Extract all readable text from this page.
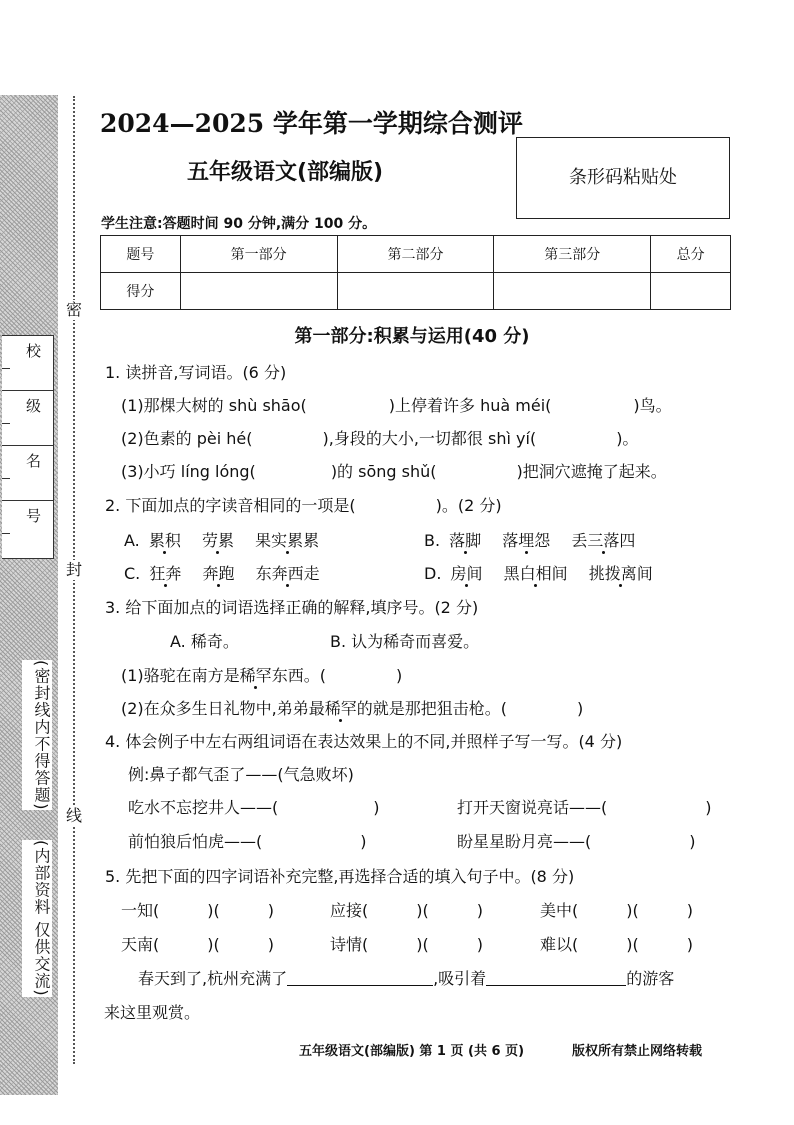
校
级
名
号
(密封线内不得答题)
(内部资料 仅供交流)
密
封
线
2024—2025 学年第一学期综合测评
五年级语文(部编版)	条形码粘贴处
学生注意:答题时间 90 分钟,满分 100 分。
题号	第一部分	第二部分	第三部分	总分
得分				
第一部分:积累与运用(40 分)
1. 读拼音,写词语。(6 分)
(1)那棵大树的 shù shāo(	)上停着许多 huà méi(	)鸟。
(2)色素的 pèi hé(	),身段的大小,一切都很 shì yí(	)。
(3)小巧 líng lóng(	)的 sōng shǔ(	)把洞穴遮掩了起来。
2. 下面加点的字读音相同的一项是(	)。(2 分)
A. 累积 劳累 果实累累	B. 落脚 落埋怨 丢三落四
C. 狂奔 奔跑 东奔西走	D. 房间 黑白相间 挑拨离间
3. 给下面加点的词语选择正确的解释,填序号。(2 分)
A. 稀奇。	B. 认为稀奇而喜爱。
(1)骆驼在南方是稀罕东西。(	)
(2)在众多生日礼物中,弟弟最稀罕的就是那把狙击枪。(	)
4. 体会例子中左右两组词语在表达效果上的不同,并照样子写一写。(4 分)
例:鼻子都气歪了——(气急败坏)
吃水不忘挖井人——(	)	打开天窗说亮话——(	)
前怕狼后怕虎——(	)	盼星星盼月亮——(	)
5. 先把下面的四字词语补充完整,再选择合适的填入句子中。(8 分)
一知(	)(	)	应接(	)(	)	美中(	)(	)
天南(	)(	)	诗情(	)(	)	难以(	)(	)
春天到了,杭州充满了	,吸引着	的游客
来这里观赏。
五年级语文(部编版) 第 1 页 (共 6 页)	版权所有禁止网络转载
